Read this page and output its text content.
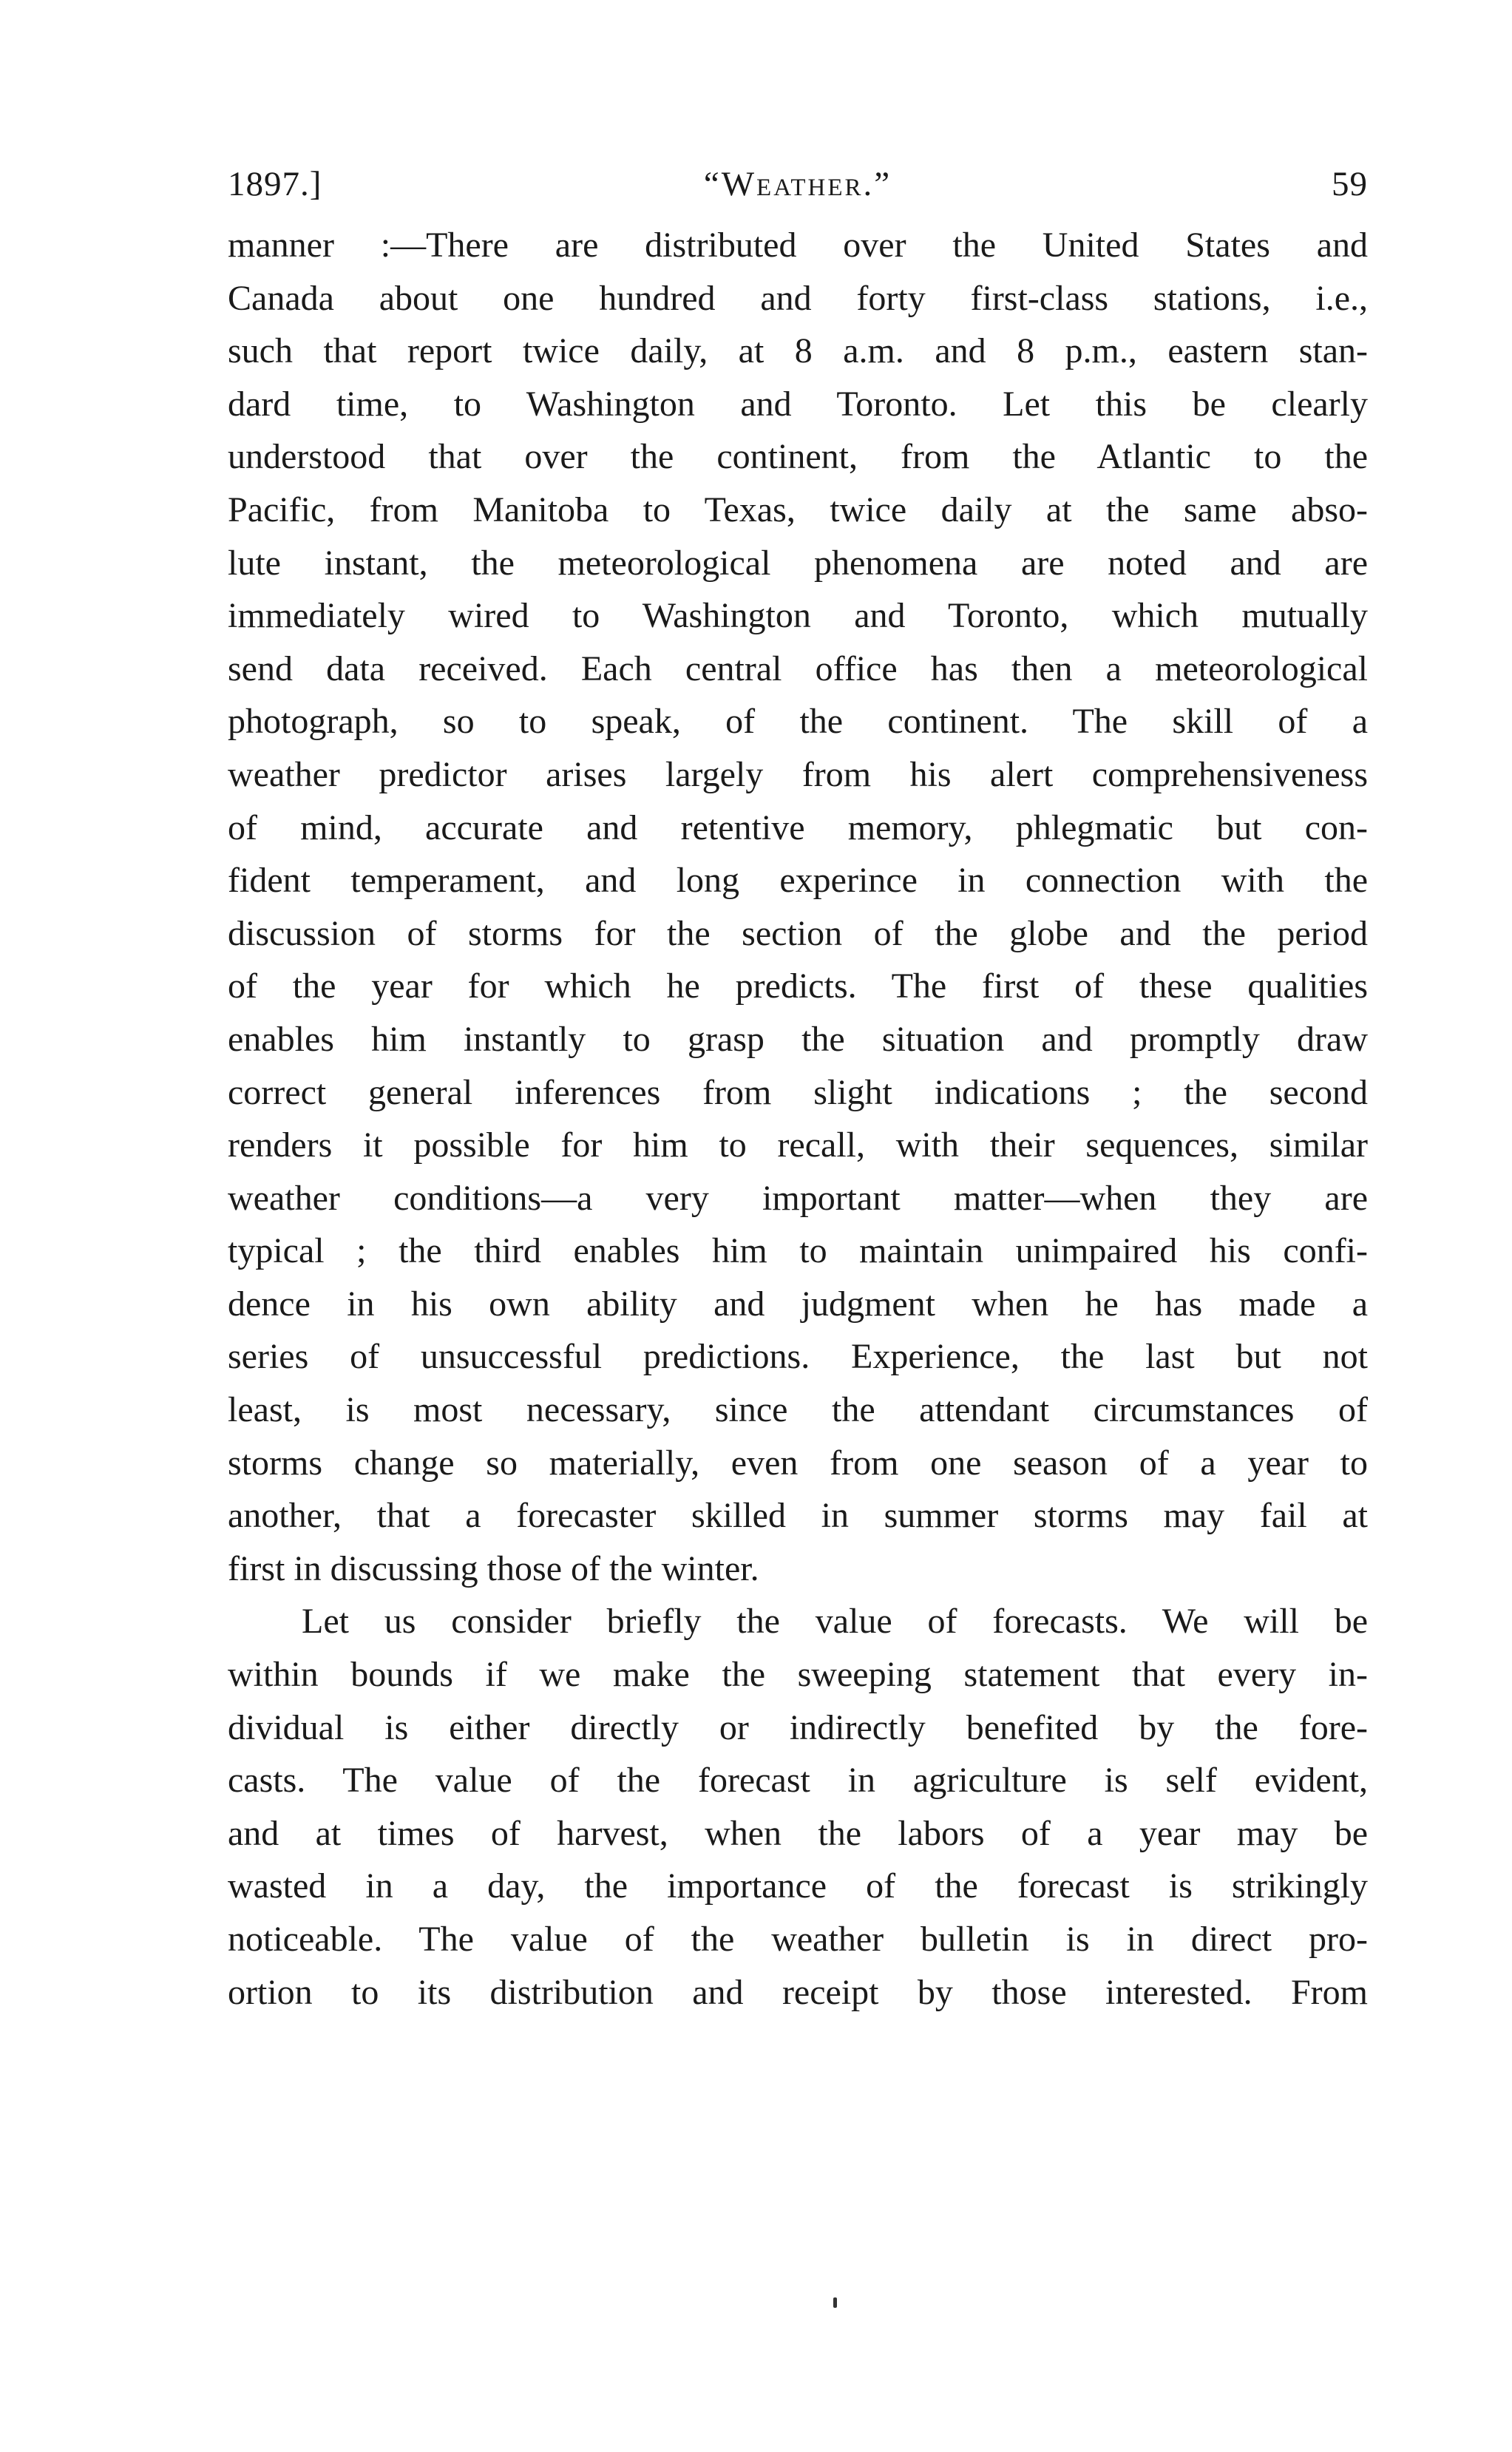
1897.]	“Weather.”	59
manner :—There are distributed over the United States and
Canada about one hundred and forty first-class stations, i.e.,
such that report twice daily, at 8 a.m. and 8 p.m., eastern stan-
dard time, to Washington and Toronto. Let this be clearly
understood that over the continent, from the Atlantic to the
Pacific, from Manitoba to Texas, twice daily at the same abso-
lute instant, the meteorological phenomena are noted and are
immediately wired to Washington and Toronto, which mutually
send data received. Each central office has then a meteorological
photograph, so to speak, of the continent. The skill of a
weather predictor arises largely from his alert comprehensiveness
of mind, accurate and retentive memory, phlegmatic but con-
fident temperament, and long experince in connection with the
discussion of storms for the section of the globe and the period
of the year for which he predicts. The first of these qualities
enables him instantly to grasp the situation and promptly draw
correct general inferences from slight indications ; the second
renders it possible for him to recall, with their sequences, similar
weather conditions—a very important matter—when they are
typical ; the third enables him to maintain unimpaired his confi-
dence in his own ability and judgment when he has made a
series of unsuccessful predictions. Experience, the last but not
least, is most necessary, since the attendant circumstances of
storms change so materially, even from one season of a year to
another, that a forecaster skilled in summer storms may fail at
first in discussing those of the winter.
Let us consider briefly the value of forecasts. We will be
within bounds if we make the sweeping statement that every in-
dividual is either directly or indirectly benefited by the fore-
casts. The value of the forecast in agriculture is self evident,
and at times of harvest, when the labors of a year may be
wasted in a day, the importance of the forecast is strikingly
noticeable. The value of the weather bulletin is in direct pro-
ortion to its distribution and receipt by those interested. From
